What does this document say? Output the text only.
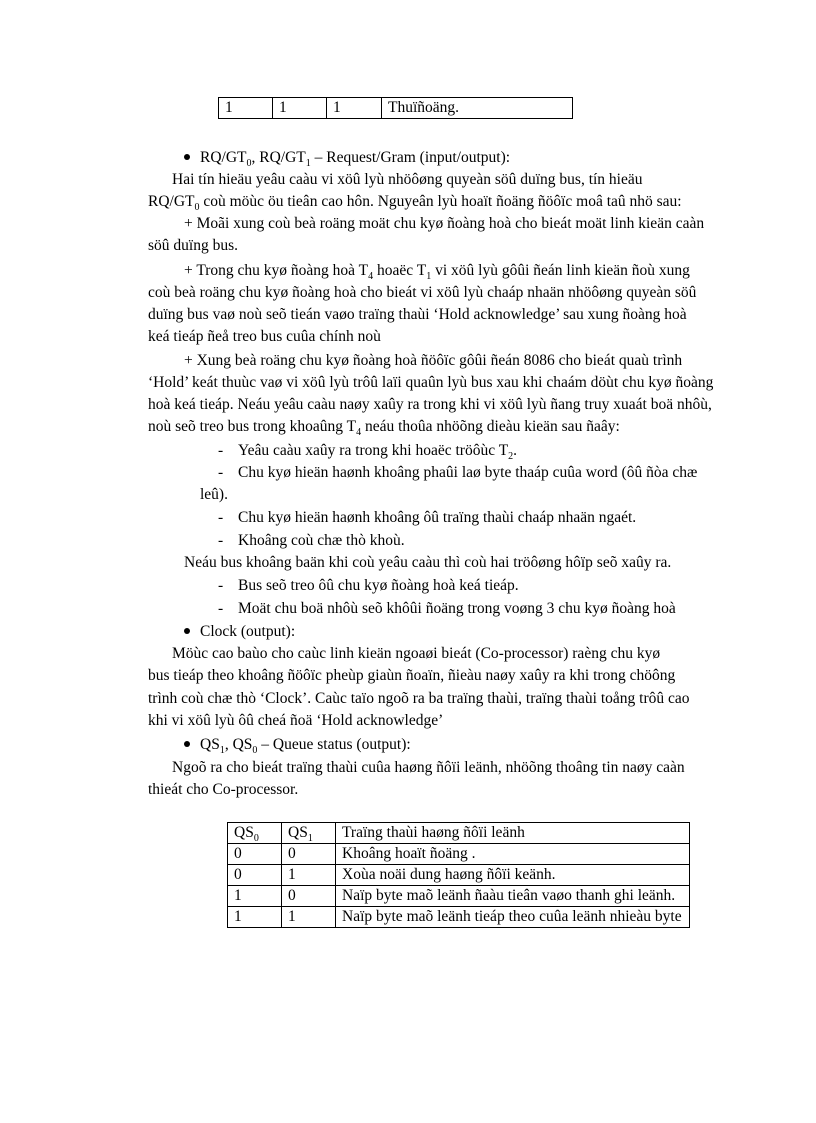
1	1	1	Thuïñoäng.
$RQ/GT_0$, $RQ/GT_1$ – Request/Gram (input/output):
Hai tín hieäu yeâu caàu vi xöû lyù nhöôøng quyeàn söû duïng bus, tín hieäu
$RQ/GT_0$ coù möùc öu tieân cao hôn. Nguyeân lyù hoaït ñoäng ñöôïc moâ taû nhö sau:
+ Moãi xung coù beà roäng moät chu kyø ñoàng hoà cho bieát moät linh kieän caàn
söû duïng bus.
+ Trong chu kyø ñoàng hoà $T_4$ hoaëc $T_1$ vi xöû lyù gôûi ñeán linh kieän ñoù xung
coù beà roäng chu kyø ñoàng hoà cho bieát vi xöû lyù chaáp nhaän nhöôøng quyeàn söû
duïng bus vaø noù seõ tieán vaøo traïng thaùi ‘Hold acknowledge’ sau xung ñoàng hoà
keá tieáp ñeå treo bus cuûa chính noù
+ Xung beà roäng chu kyø ñoàng hoà ñöôïc gôûi ñeán 8086 cho bieát quaù trình
‘Hold’ keát thuùc vaø vi xöû lyù trôû laïi quaûn lyù bus xau khi chaám döùt chu kyø ñoàng
hoà keá tieáp. Neáu yeâu caàu naøy xaûy ra trong khi vi xöû lyù ñang truy xuaát boä nhôù,
noù seõ treo bus trong khoaûng $T_4$ neáu thoûa nhöõng dieàu kieän sau ñaây:
- Yeâu caàu xaûy ra trong khi hoaëc tröôùc $T_2$.
- Chu kyø hieän haønh khoâng phaûi laø byte thaáp cuûa word (ôû ñòa chæ
leû).
- Chu kyø hieän haønh khoâng ôû traïng thaùi chaáp nhaän ngaét.
- Khoâng coù chæ thò khoù.
Neáu bus khoâng baän khi coù yeâu caàu thì coù hai tröôøng hôïp seõ xaûy ra.
- Bus seõ treo ôû chu kyø ñoàng hoà keá tieáp.
- Moät chu boä nhôù seõ khôûi ñoäng trong voøng 3 chu kyø ñoàng hoà
Clock (output):
Möùc cao baùo cho caùc linh kieän ngoaøi bieát (Co-processor) raèng chu kyø
bus tieáp theo khoâng ñöôïc pheùp giaùn ñoaïn, ñieàu naøy xaûy ra khi trong chöông
trình coù chæ thò ‘Clock’. Caùc taïo ngoõ ra ba traïng thaùi, traïng thaùi toång trôû cao
khi vi xöû lyù ôû cheá ñoä ‘Hold acknowledge’
$QS_1$, $QS_0$ – Queue status (output):
Ngoõ ra cho bieát traïng thaùi cuûa haøng ñôïi leänh, nhöõng thoâng tin naøy caàn
thieát cho Co-processor.
$QS_0$	$QS_1$	Traïng thaùi haøng ñôïi leänh
0	0	Khoâng hoaït ñoäng .
0	1	Xoùa noäi dung haøng ñôïi keänh.
1	0	Naïp byte maõ leänh ñaàu tieân vaøo thanh ghi leänh.
1	1	Naïp byte maõ leänh tieáp theo cuûa leänh nhieàu byte
